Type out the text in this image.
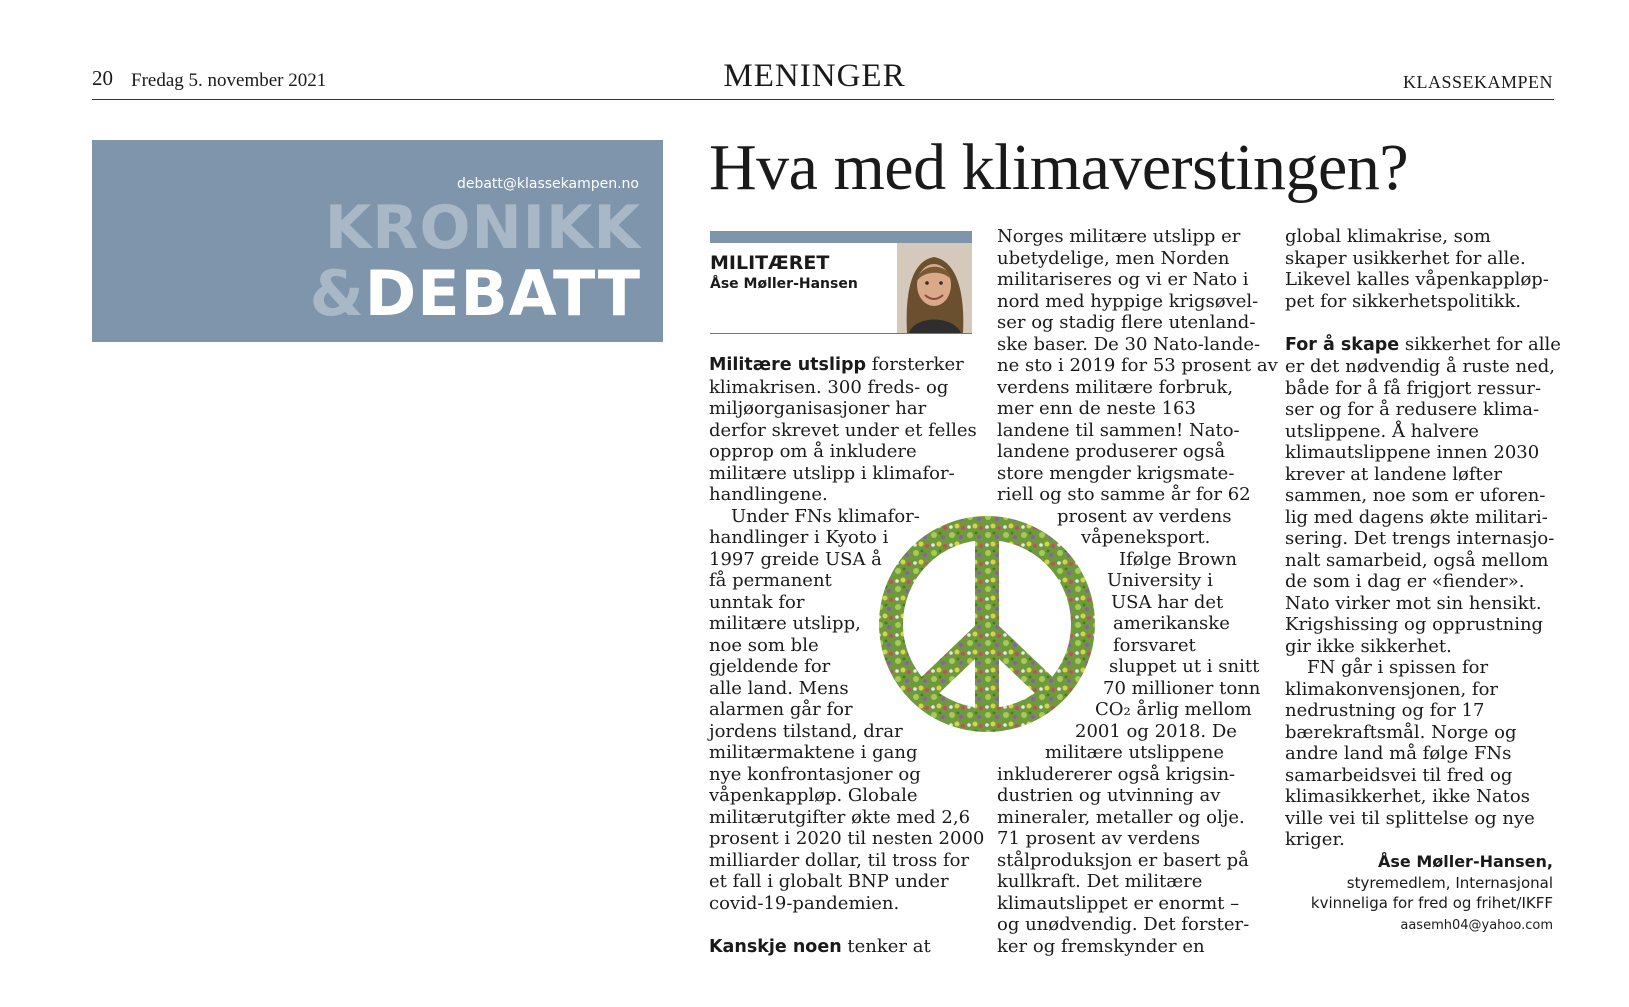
20 Fredag 5. november 2021	MENINGER	KLASSEKAMPEN
debatt@klassekampen.no
KRONIKK
&DEBATT
Hva med klimaverstingen?
MILITÆRET
Åse Møller-Hansen
Militære utslipp forsterker
klimakrisen. 300 freds- og
miljøorganisasjoner har
derfor skrevet under et felles
opprop om å inkludere
militære utslipp i klimafor-
handlingene.
Under FNs klimafor-
handlinger i Kyoto i
1997 greide USA å
få permanent
unntak for
militære utslipp,
noe som ble
gjeldende for
alle land. Mens
alarmen går for
jordens tilstand, drar
militærmaktene i gang
nye konfrontasjoner og
våpenkappløp. Globale
militærutgifter økte med 2,6
prosent i 2020 til nesten 2000
milliarder dollar, til tross for
et fall i globalt BNP under
covid-19-pandemien.

Kanskje noen tenker at
Norges militære utslipp er
ubetydelige, men Norden
militariseres og vi er Nato i
nord med hyppige krigsøvel-
ser og stadig flere utenland-
ske baser. De 30 Nato-lande-
ne sto i 2019 for 53 prosent av
verdens militære forbruk,
mer enn de neste 163
landene til sammen! Nato-
landene produserer også
store mengder krigsmate-
riell og sto samme år for 62
prosent av verdens
våpeneksport.
Ifølge Brown
University i
USA har det
amerikanske
forsvaret
sluppet ut i snitt
70 millioner tonn
CO₂ årlig mellom
2001 og 2018. De
militære utslippene
inkludererer også krigsin-
dustrien og utvinning av
mineraler, metaller og olje.
71 prosent av verdens
stålproduksjon er basert på
kullkraft. Det militære
klimautslippet er enormt –
og unødvendig. Det forster-
ker og fremskynder en
global klimakrise, som
skaper usikkerhet for alle.
Likevel kalles våpenkappløp-
pet for sikkerhetspolitikk.

For å skape sikkerhet for alle
er det nødvendig å ruste ned,
både for å få frigjort ressur-
ser og for å redusere klima-
utslippene. Å halvere
klimautslippene innen 2030
krever at landene løfter
sammen, noe som er uforen-
lig med dagens økte militari-
sering. Det trengs internasjo-
nalt samarbeid, også mellom
de som i dag er «fiender».
Nato virker mot sin hensikt.
Krigshissing og opprustning
gir ikke sikkerhet.
FN går i spissen for
klimakonvensjonen, for
nedrustning og for 17
bærekraftsmål. Norge og
andre land må følge FNs
samarbeidsvei til fred og
klimasikkerhet, ikke Natos
ville vei til splittelse og nye
kriger.
Åse Møller-Hansen,
styremedlem, Internasjonal
kvinneliga for fred og frihet/IKFF
aasemh04@yahoo.com
